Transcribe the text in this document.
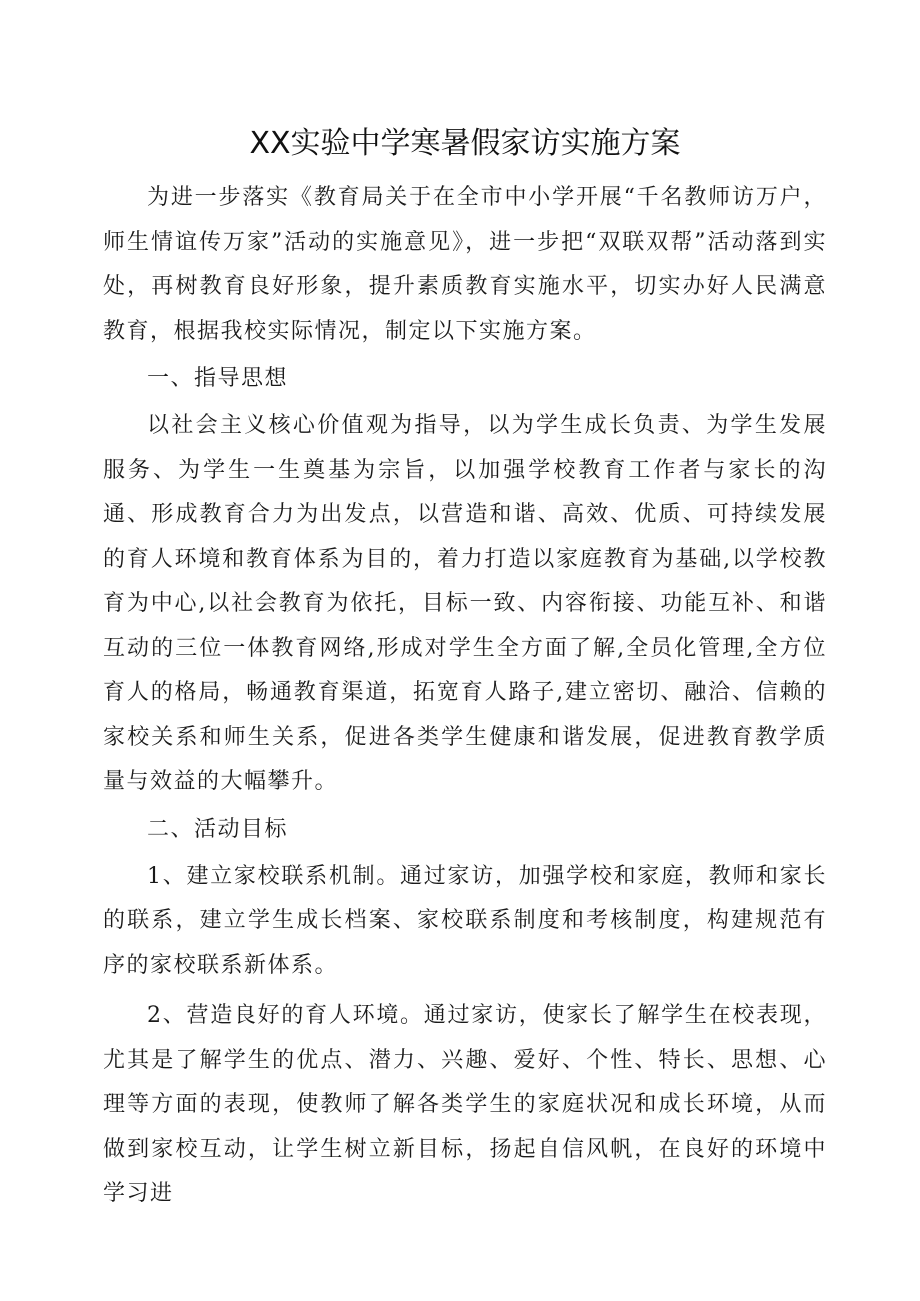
XX实验中学寒暑假家访实施方案

为进一步落实《教育局关于在全市中小学开展“千名教师访万户，师生情谊传万家”活动的实施意见》，进一步把“双联双帮”活动落到实处，再树教育良好形象，提升素质教育实施水平，切实办好人民满意教育，根据我校实际情况，制定以下实施方案。

一、指导思想

以社会主义核心价值观为指导，以为学生成长负责、为学生发展服务、为学生一生奠基为宗旨，以加强学校教育工作者与家长的沟通、形成教育合力为出发点，以营造和谐、高效、优质、可持续发展的育人环境和教育体系为目的，着力打造以家庭教育为基础,以学校教育为中心,以社会教育为依托，目标一致、内容衔接、功能互补、和谐互动的三位一体教育网络,形成对学生全方面了解,全员化管理,全方位育人的格局，畅通教育渠道，拓宽育人路子,建立密切、融洽、信赖的家校关系和师生关系，促进各类学生健康和谐发展，促进教育教学质量与效益的大幅攀升。

二、活动目标

1、建立家校联系机制。通过家访，加强学校和家庭，教师和家长的联系，建立学生成长档案、家校联系制度和考核制度，构建规范有序的家校联系新体系。

2、营造良好的育人环境。通过家访，使家长了解学生在校表现，尤其是了解学生的优点、潜力、兴趣、爱好、个性、特长、思想、心理等方面的表现，使教师了解各类学生的家庭状况和成长环境，从而做到家校互动，让学生树立新目标，扬起自信风帆，在良好的环境中学习进
